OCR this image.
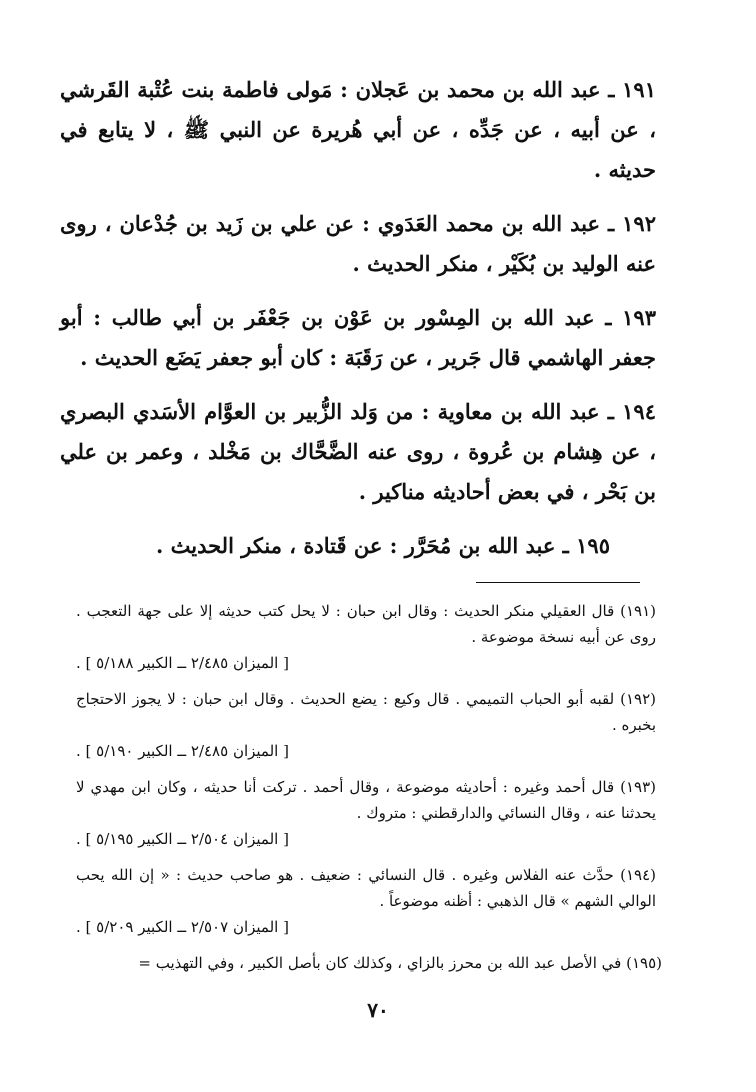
١٩١ ـ عبد الله بن محمد بن عَجلان : مَولى فاطمة بنت عُتْبة القَرشي ، عن أبيه ، عن جَدِّه ، عن أبي هُريرة عن النبي ﷺ ، لا يتابع في حديثه .

١٩٢ ـ عبد الله بن محمد العَدَوي : عن علي بن زَيد بن جُدْعان ، روى عنه الوليد بن بُكَيْر ، منكر الحديث .

١٩٣ ـ عبد الله بن المِسْور بن عَوْن بن جَعْفَر بن أبي طالب : أبو جعفر الهاشمي قال جَرير ، عن رَقَبَة : كان أبو جعفر يَضَع الحديث .

١٩٤ ـ عبد الله بن معاوية : من وَلد الزُّبير بن العوَّام الأسَدي البصري ، عن هِشام بن عُروة ، روى عنه الضَّحَّاك بن مَخْلد ، وعمر بن علي بن بَحْر ، في بعض أحاديثه مناكير .

١٩٥ ـ عبد الله بن مُحَرَّر : عن قَتادة ، منكر الحديث .

(١٩١) قال العقيلي منكر الحديث : وقال ابن حبان : لا يحل كتب حديثه إلا على جهة التعجب . روى عن أبيه نسخة موضوعة .
[ الميزان ٢/٤٨٥ ــ الكبير ٥/١٨٨ ] .
(١٩٢) لقبه أبو الحباب التميمي . قال وكيع : يضع الحديث . وقال ابن حبان : لا يجوز الاحتجاج بخبره .
[ الميزان ٢/٤٨٥ ــ الكبير ٥/١٩٠ ] .
(١٩٣) قال أحمد وغيره : أحاديثه موضوعة ، وقال أحمد . تركت أنا حديثه ، وكان ابن مهدي لا يحدثنا عنه ، وقال النسائي والدارقطني : متروك .
[ الميزان ٢/٥٠٤ ــ الكبير ٥/١٩٥ ] .
(١٩٤) حدَّث عنه الفلاس وغيره . قال النسائي : ضعيف . هو صاحب حديث : « إن الله يحب الوالي الشهم » قال الذهبي : أظنه موضوعاً .
[ الميزان ٢/٥٠٧ ــ الكبير ٥/٢٠٩ ] .
(١٩٥) في الأصل عبد الله بن محرز بالزاي ، وكذلك كان بأصل الكبير ، وفي التهذيب =
٧٠
